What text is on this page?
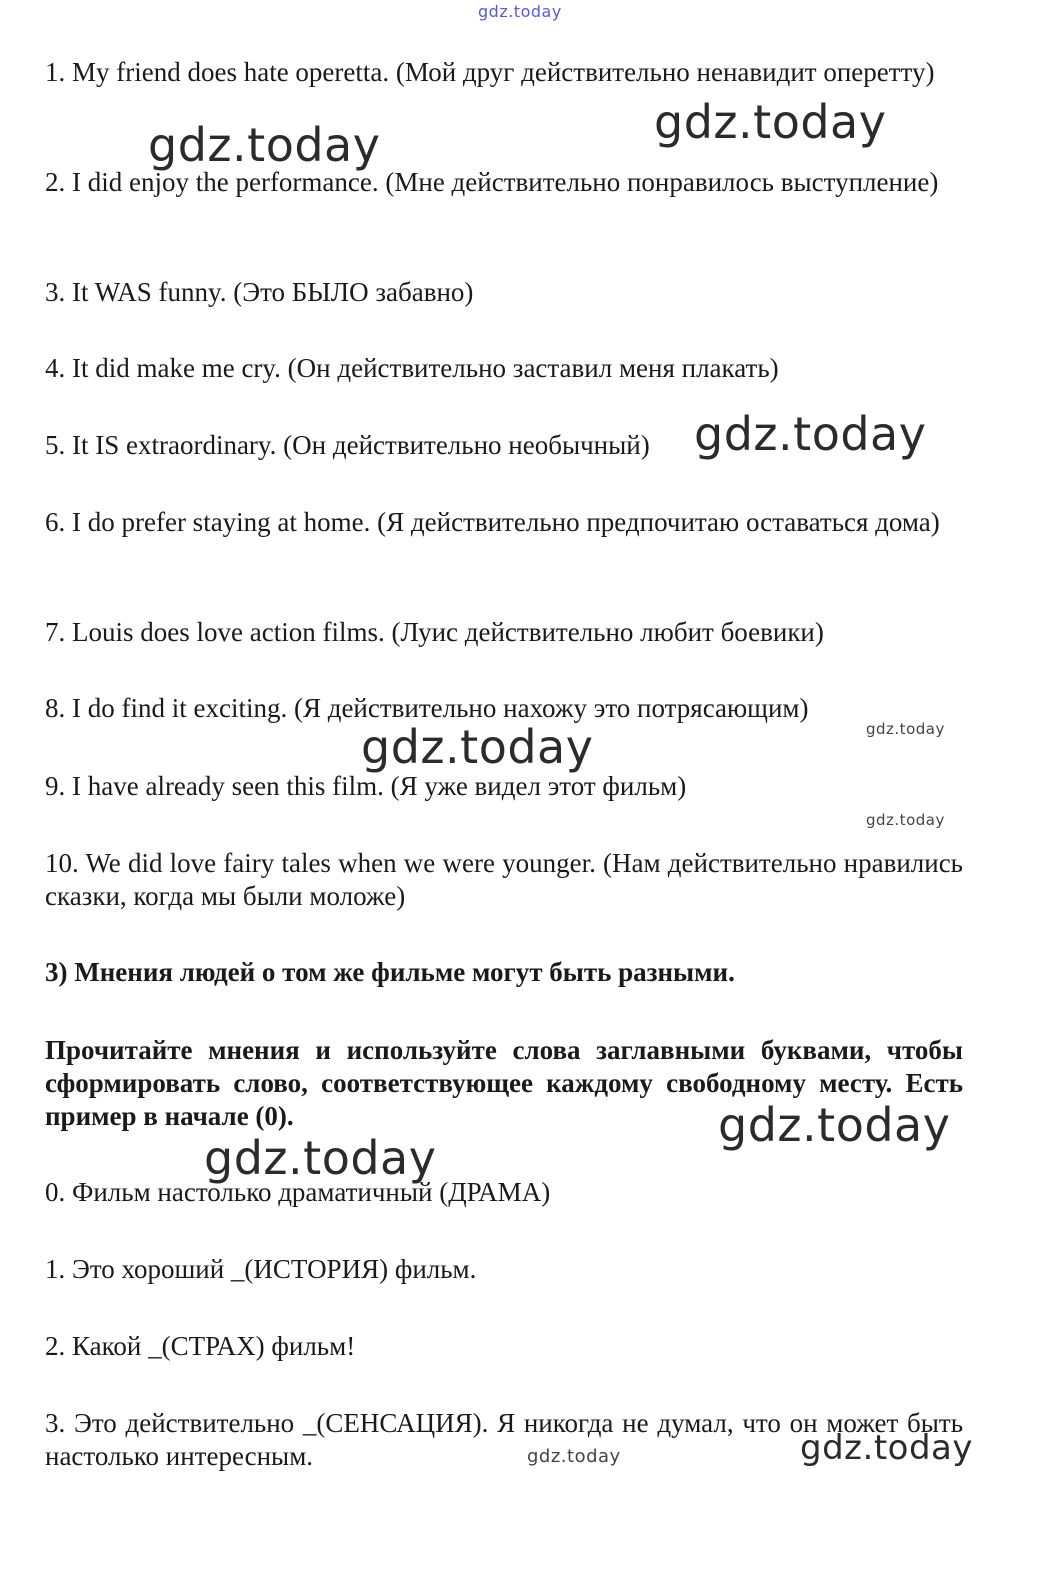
gdz.today
gdz.today	gdz.today
gdz.today
gdz.today
gdz.today
gdz.today
gdz.today
gdz.today
gdz.today	gdz.today

1. My friend does hate operetta. (Мой друг действительно ненавидит оперетту)

2. I did enjoy the performance. (Мне действительно понравилось выступление)

3. It WAS funny. (Это БЫЛО забавно)

4. It did make me cry. (Он действительно заставил меня плакать)

5. It IS extraordinary. (Он действительно необычный)

6. I do prefer staying at home. (Я действительно предпочитаю оставаться дома)

7. Louis does love action films. (Луис действительно любит боевики)

8. I do find it exciting. (Я действительно нахожу это потрясающим)

9. I have already seen this film. (Я уже видел этот фильм)

10. We did love fairy tales when we were younger. (Нам действительно нравились сказки, когда мы были моложе)

3) Мнения людей о том же фильме могут быть разными.

Прочитайте мнения и используйте слова заглавными буквами, чтобы сформировать слово, соответствующее каждому свободному месту. Есть пример в начале (0).

0. Фильм настолько драматичный (ДРАМА)

1. Это хороший _(ИСТОРИЯ) фильм.

2. Какой _(СТРАХ) фильм!

3. Это действительно _(СЕНСАЦИЯ). Я никогда не думал, что он может быть настолько интересным.
